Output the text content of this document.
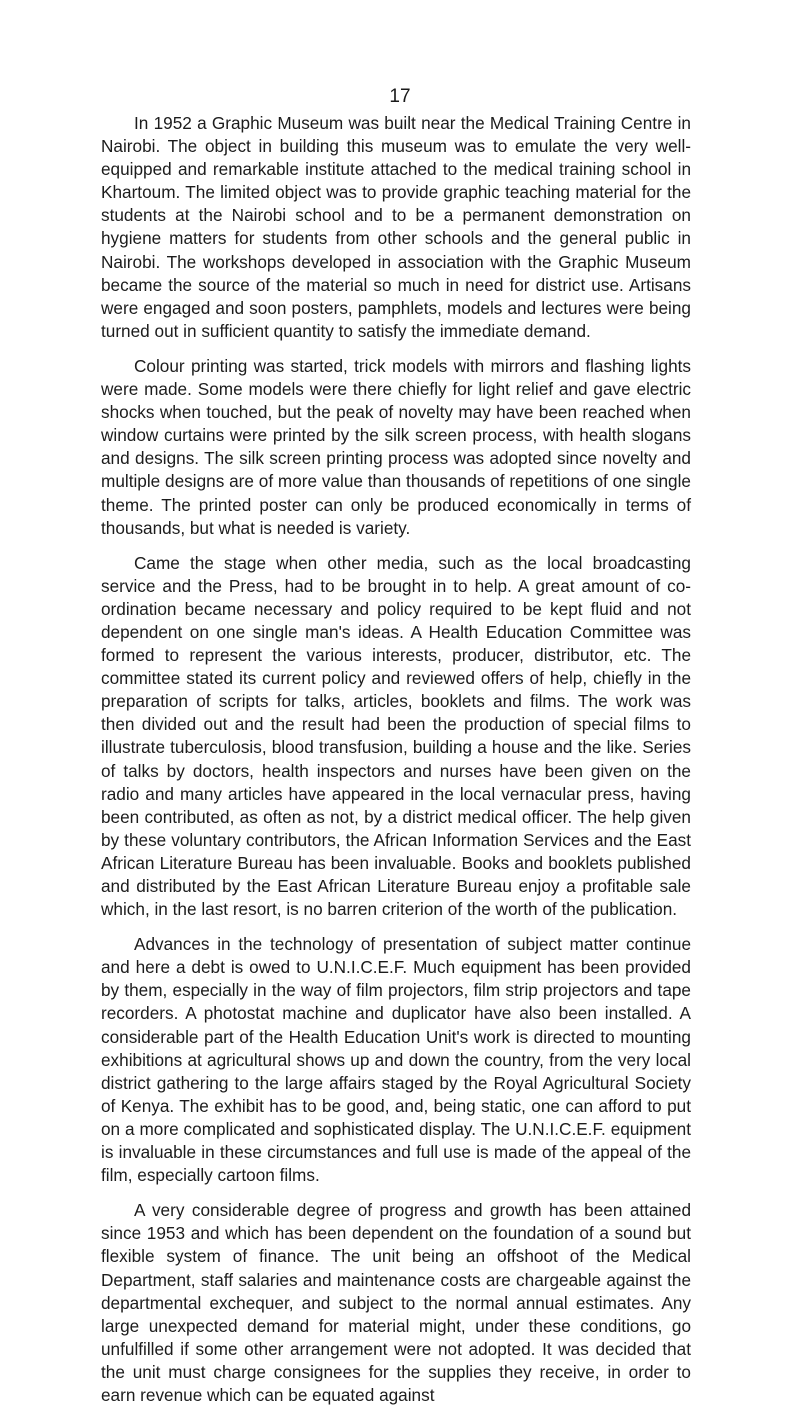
17

In 1952 a Graphic Museum was built near the Medical Training Centre in Nairobi. The object in building this museum was to emulate the very well-equipped and remarkable institute attached to the medical training school in Khartoum. The limited object was to provide graphic teaching material for the students at the Nairobi school and to be a permanent demonstration on hygiene matters for students from other schools and the general public in Nairobi. The workshops developed in association with the Graphic Museum became the source of the material so much in need for district use. Artisans were engaged and soon posters, pamphlets, models and lectures were being turned out in sufficient quantity to satisfy the immediate demand.

Colour printing was started, trick models with mirrors and flashing lights were made. Some models were there chiefly for light relief and gave electric shocks when touched, but the peak of novelty may have been reached when window curtains were printed by the silk screen process, with health slogans and designs. The silk screen printing process was adopted since novelty and multiple designs are of more value than thousands of repetitions of one single theme. The printed poster can only be produced economically in terms of thousands, but what is needed is variety.

Came the stage when other media, such as the local broadcasting service and the Press, had to be brought in to help. A great amount of co-ordination became necessary and policy required to be kept fluid and not dependent on one single man's ideas. A Health Education Committee was formed to represent the various interests, producer, distributor, etc. The committee stated its current policy and reviewed offers of help, chiefly in the preparation of scripts for talks, articles, booklets and films. The work was then divided out and the result had been the production of special films to illustrate tuberculosis, blood transfusion, building a house and the like. Series of talks by doctors, health inspectors and nurses have been given on the radio and many articles have appeared in the local vernacular press, having been contributed, as often as not, by a district medical officer. The help given by these voluntary contributors, the African Information Services and the East African Literature Bureau has been invaluable. Books and booklets published and distributed by the East African Literature Bureau enjoy a profitable sale which, in the last resort, is no barren criterion of the worth of the publication.

Advances in the technology of presentation of subject matter continue and here a debt is owed to U.N.I.C.E.F. Much equipment has been provided by them, especially in the way of film projectors, film strip projectors and tape recorders. A photostat machine and duplicator have also been installed. A considerable part of the Health Education Unit's work is directed to mounting exhibitions at agricultural shows up and down the country, from the very local district gathering to the large affairs staged by the Royal Agricultural Society of Kenya. The exhibit has to be good, and, being static, one can afford to put on a more complicated and sophisticated display. The U.N.I.C.E.F. equipment is invaluable in these circumstances and full use is made of the appeal of the film, especially cartoon films.

A very considerable degree of progress and growth has been attained since 1953 and which has been dependent on the foundation of a sound but flexible system of finance. The unit being an offshoot of the Medical Department, staff salaries and maintenance costs are chargeable against the departmental exchequer, and subject to the normal annual estimates. Any large unexpected demand for material might, under these conditions, go unfulfilled if some other arrangement were not adopted. It was decided that the unit must charge consignees for the supplies they receive, in order to earn revenue which can be equated against
